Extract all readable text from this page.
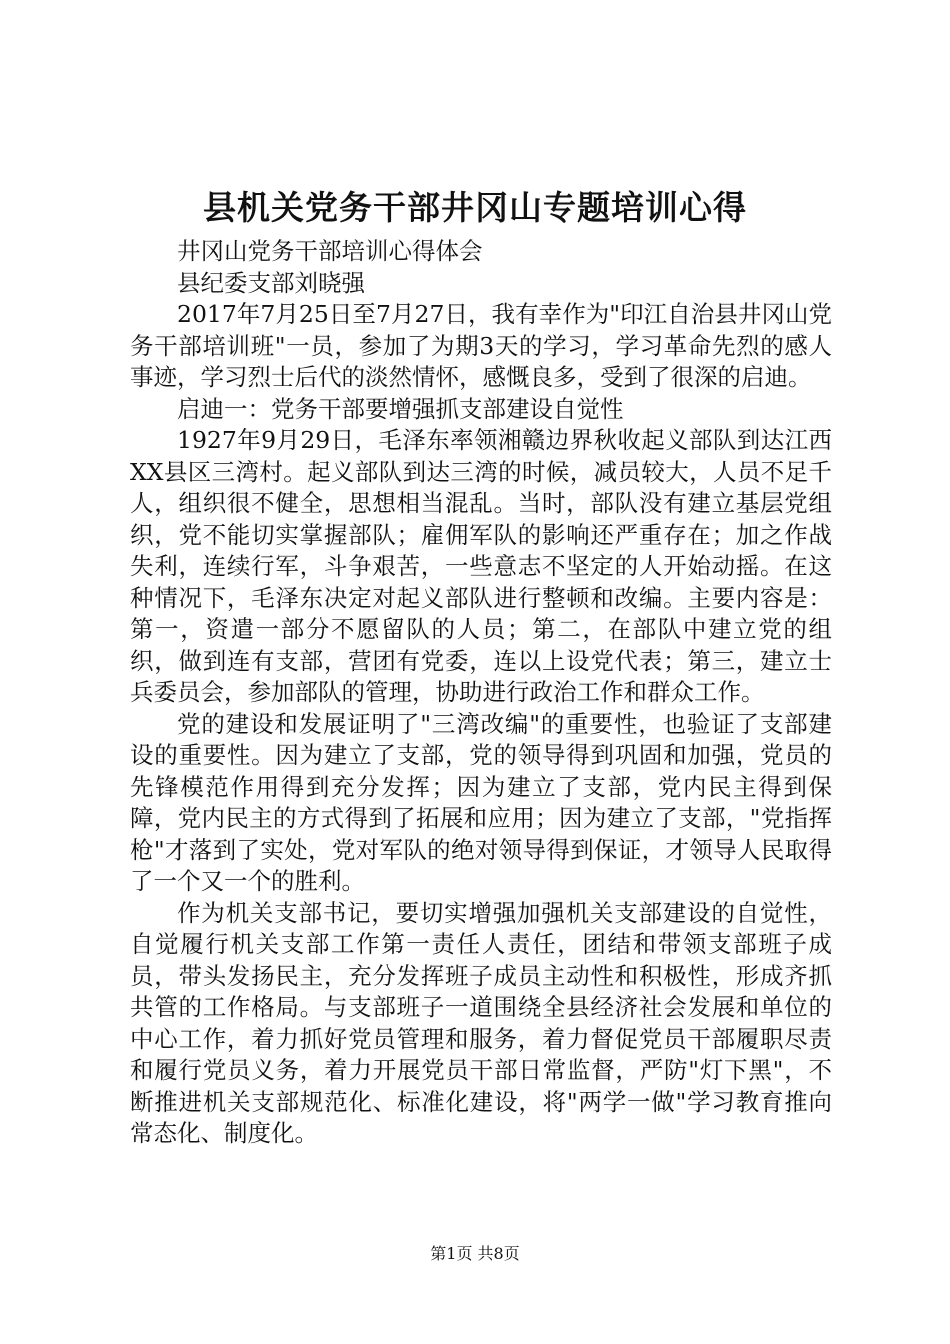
县机关党务干部井冈山专题培训心得

井冈山党务干部培训心得体会

县纪委支部刘晓强

2017年7月25日至7月27日，我有幸作为"印江自治县井冈山党务干部培训班"一员，参加了为期3天的学习，学习革命先烈的感人事迹，学习烈士后代的淡然情怀，感慨良多，受到了很深的启迪。

启迪一：党务干部要增强抓支部建设自觉性

1927年9月29日，毛泽东率领湘赣边界秋收起义部队到达江西XX县区三湾村。起义部队到达三湾的时候，减员较大，人员不足千人，组织很不健全，思想相当混乱。当时，部队没有建立基层党组织，党不能切实掌握部队；雇佣军队的影响还严重存在；加之作战失利，连续行军，斗争艰苦，一些意志不坚定的人开始动摇。在这种情况下，毛泽东决定对起义部队进行整顿和改编。主要内容是：第一，资遣一部分不愿留队的人员；第二，在部队中建立党的组织，做到连有支部，营团有党委，连以上设党代表；第三，建立士兵委员会，参加部队的管理，协助进行政治工作和群众工作。

党的建设和发展证明了"三湾改编"的重要性，也验证了支部建设的重要性。因为建立了支部，党的领导得到巩固和加强，党员的先锋模范作用得到充分发挥；因为建立了支部，党内民主得到保障，党内民主的方式得到了拓展和应用；因为建立了支部，"党指挥枪"才落到了实处，党对军队的绝对领导得到保证，才领导人民取得了一个又一个的胜利。

作为机关支部书记，要切实增强加强机关支部建设的自觉性，自觉履行机关支部工作第一责任人责任，团结和带领支部班子成员，带头发扬民主，充分发挥班子成员主动性和积极性，形成齐抓共管的工作格局。与支部班子一道围绕全县经济社会发展和单位的中心工作，着力抓好党员管理和服务，着力督促党员干部履职尽责和履行党员义务，着力开展党员干部日常监督，严防"灯下黑"，不断推进机关支部规范化、标准化建设，将"两学一做"学习教育推向常态化、制度化。

第1页 共8页
